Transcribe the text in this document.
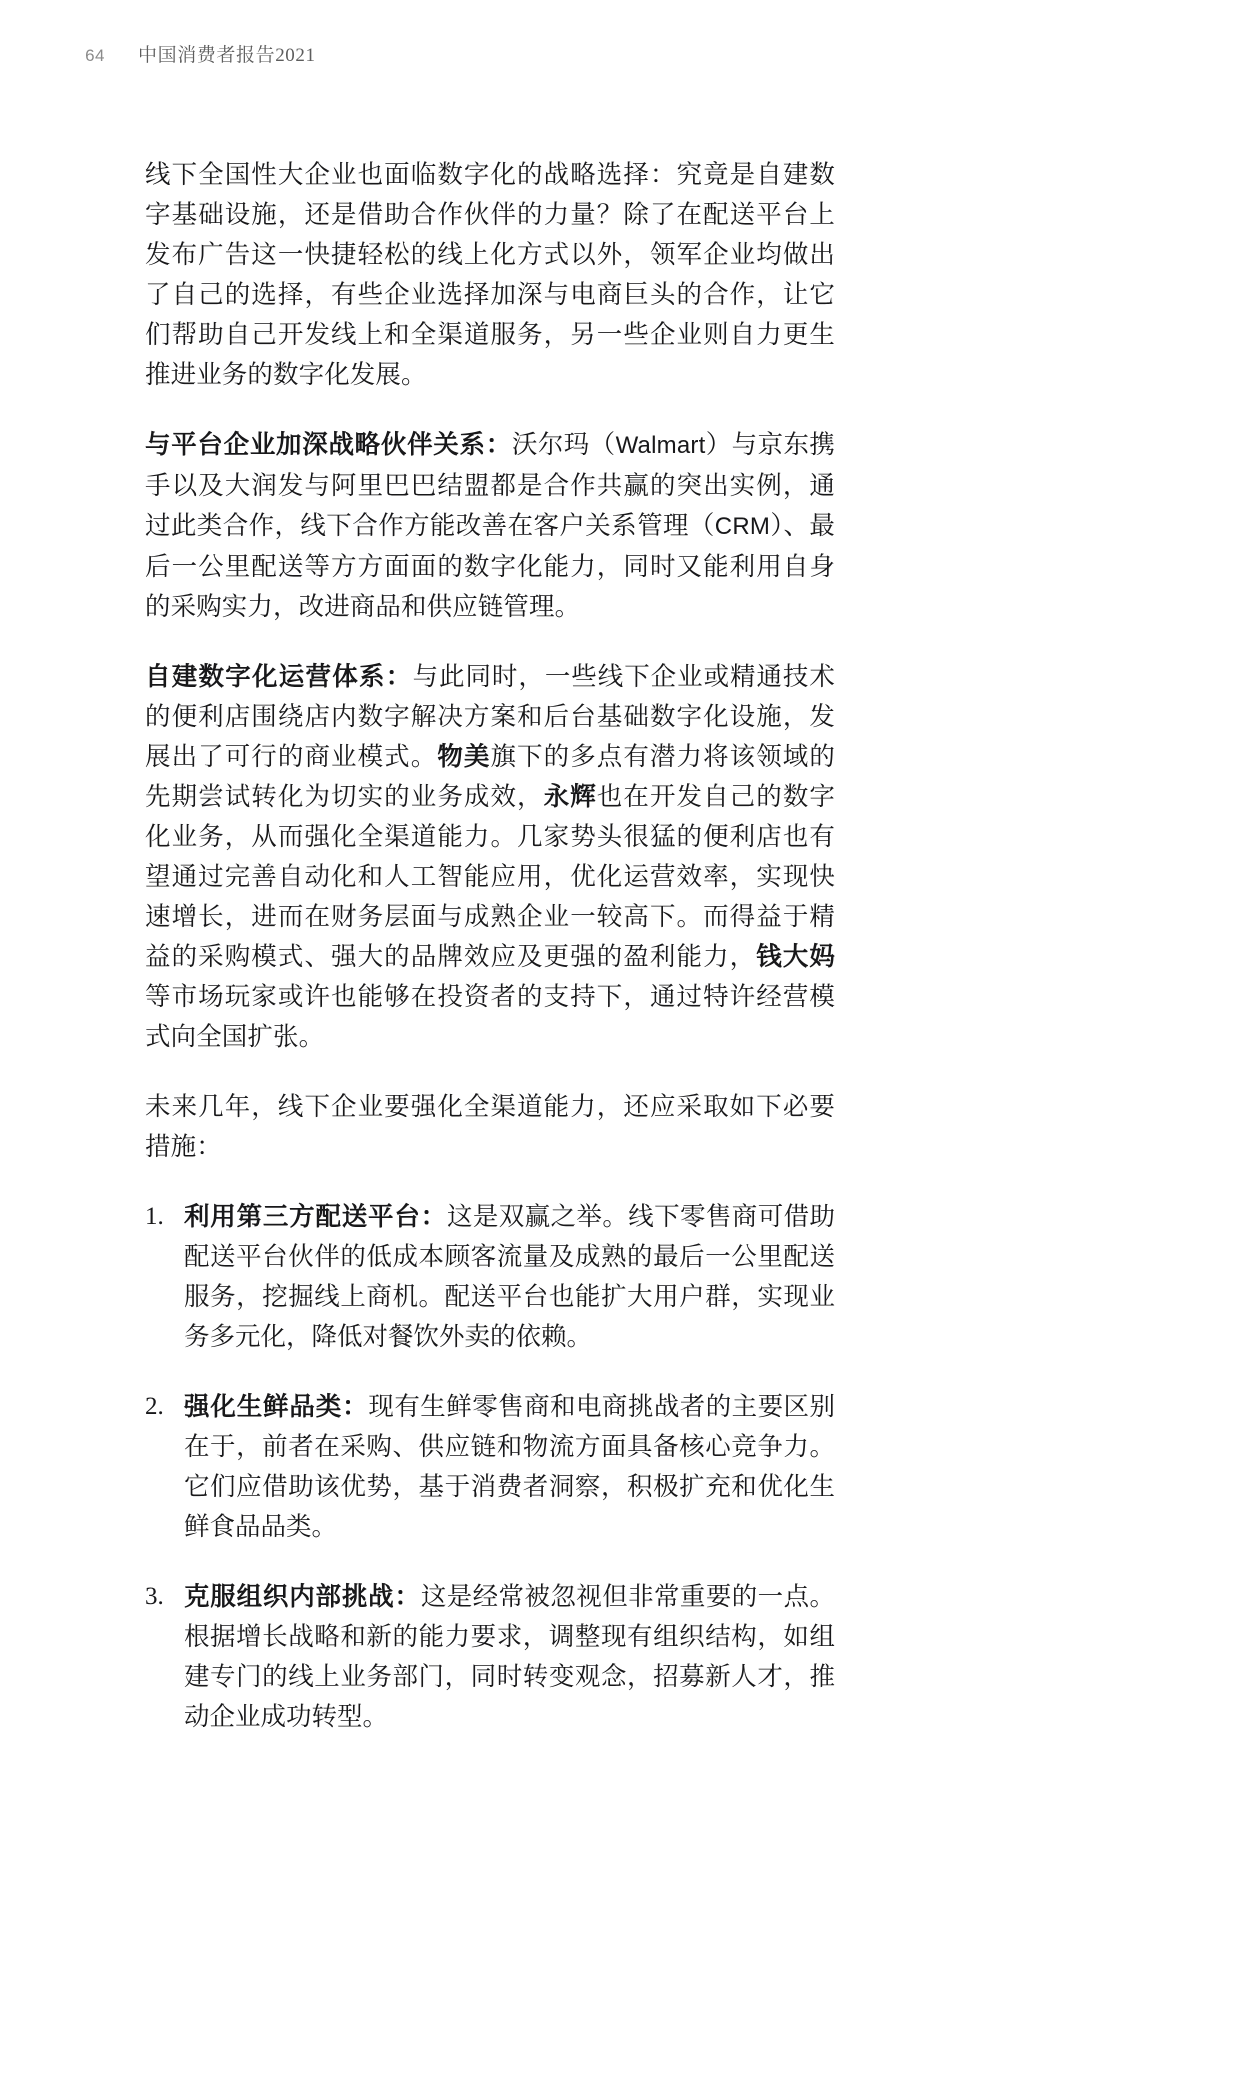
64 中国消费者报告2021

线下全国性大企业也面临数字化的战略选择：究竟是自建数字基础设施，还是借助合作伙伴的力量？除了在配送平台上发布广告这一快捷轻松的线上化方式以外，领军企业均做出了自己的选择，有些企业选择加深与电商巨头的合作，让它们帮助自己开发线上和全渠道服务，另一些企业则自力更生推进业务的数字化发展。

与平台企业加深战略伙伴关系：沃尔玛（Walmart）与京东携手以及大润发与阿里巴巴结盟都是合作共赢的突出实例，通过此类合作，线下合作方能改善在客户关系管理（CRM）、最后一公里配送等方方面面的数字化能力，同时又能利用自身的采购实力，改进商品和供应链管理。

自建数字化运营体系：与此同时，一些线下企业或精通技术的便利店围绕店内数字解决方案和后台基础数字化设施，发展出了可行的商业模式。物美旗下的多点有潜力将该领域的先期尝试转化为切实的业务成效，永辉也在开发自己的数字化业务，从而强化全渠道能力。几家势头很猛的便利店也有望通过完善自动化和人工智能应用，优化运营效率，实现快速增长，进而在财务层面与成熟企业一较高下。而得益于精益的采购模式、强大的品牌效应及更强的盈利能力，钱大妈等市场玩家或许也能够在投资者的支持下，通过特许经营模式向全国扩张。

未来几年，线下企业要强化全渠道能力，还应采取如下必要措施：

1. 利用第三方配送平台：这是双赢之举。线下零售商可借助配送平台伙伴的低成本顾客流量及成熟的最后一公里配送服务，挖掘线上商机。配送平台也能扩大用户群，实现业务多元化，降低对餐饮外卖的依赖。
2. 强化生鲜品类：现有生鲜零售商和电商挑战者的主要区别在于，前者在采购、供应链和物流方面具备核心竞争力。它们应借助该优势，基于消费者洞察，积极扩充和优化生鲜食品品类。
3. 克服组织内部挑战：这是经常被忽视但非常重要的一点。根据增长战略和新的能力要求，调整现有组织结构，如组建专门的线上业务部门，同时转变观念，招募新人才，推动企业成功转型。
